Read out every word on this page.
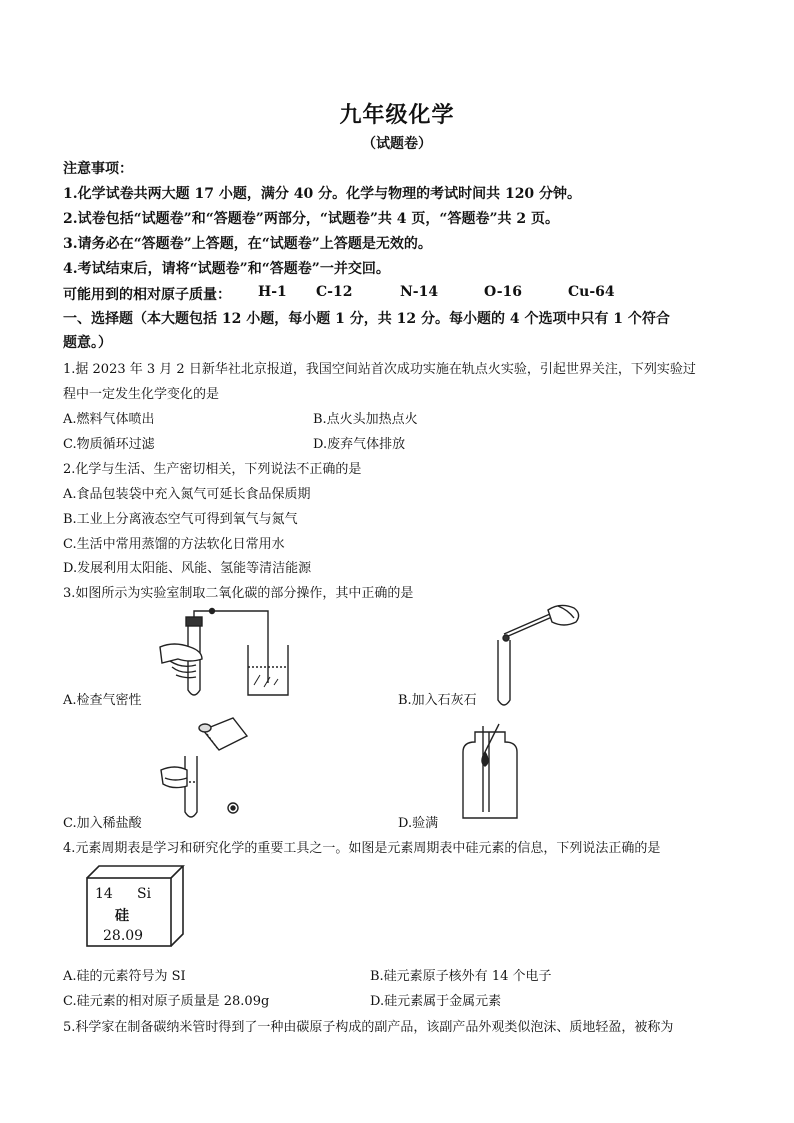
九年级化学
（试题卷）
注意事项：
1.化学试卷共两大题 17 小题，满分 40 分。化学与物理的考试时间共 120 分钟。
2.试卷包括“试题卷”和“答题卷”两部分，“试题卷”共 4 页，“答题卷”共 2 页。
3.请务必在“答题卷”上答题，在“试题卷”上答题是无效的。
4.考试结束后，请将“试题卷”和“答题卷”一并交回。
可能用到的相对原子质量： H-1 C-12	N-14	O-16	Cu-64
一、选择题（本大题包括 12 小题，每小题 1 分，共 12 分。每小题的 4 个选项中只有 1 个符合
题意。）
1.据 2023 年 3 月 2 日新华社北京报道，我国空间站首次成功实施在轨点火实验，引起世界关注，下列实验过
程中一定发生化学变化的是
A.燃料气体喷出	B.点火头加热点火
C.物质循环过滤	D.废弃气体排放
2.化学与生活、生产密切相关，下列说法不正确的是
A.食品包装袋中充入氮气可延长食品保质期
B.工业上分离液态空气可得到氧气与氮气
C.生活中常用蒸馏的方法软化日常用水
D.发展利用太阳能、风能、氢能等清洁能源
3.如图所示为实验室制取二氧化碳的部分操作，其中正确的是
A.检查气密性	B.加入石灰石
C.加入稀盐酸	D.验满
4.元素周期表是学习和研究化学的重要工具之一。如图是元素周期表中硅元素的信息，下列说法正确的是
14 Si
硅
28.09
A.硅的元素符号为 SI	B.硅元素原子核外有 14 个电子
C.硅元素的相对原子质量是 28.09g	D.硅元素属于金属元素
5.科学家在制备碳纳米管时得到了一种由碳原子构成的副产品，该副产品外观类似泡沫、质地轻盈，被称为
